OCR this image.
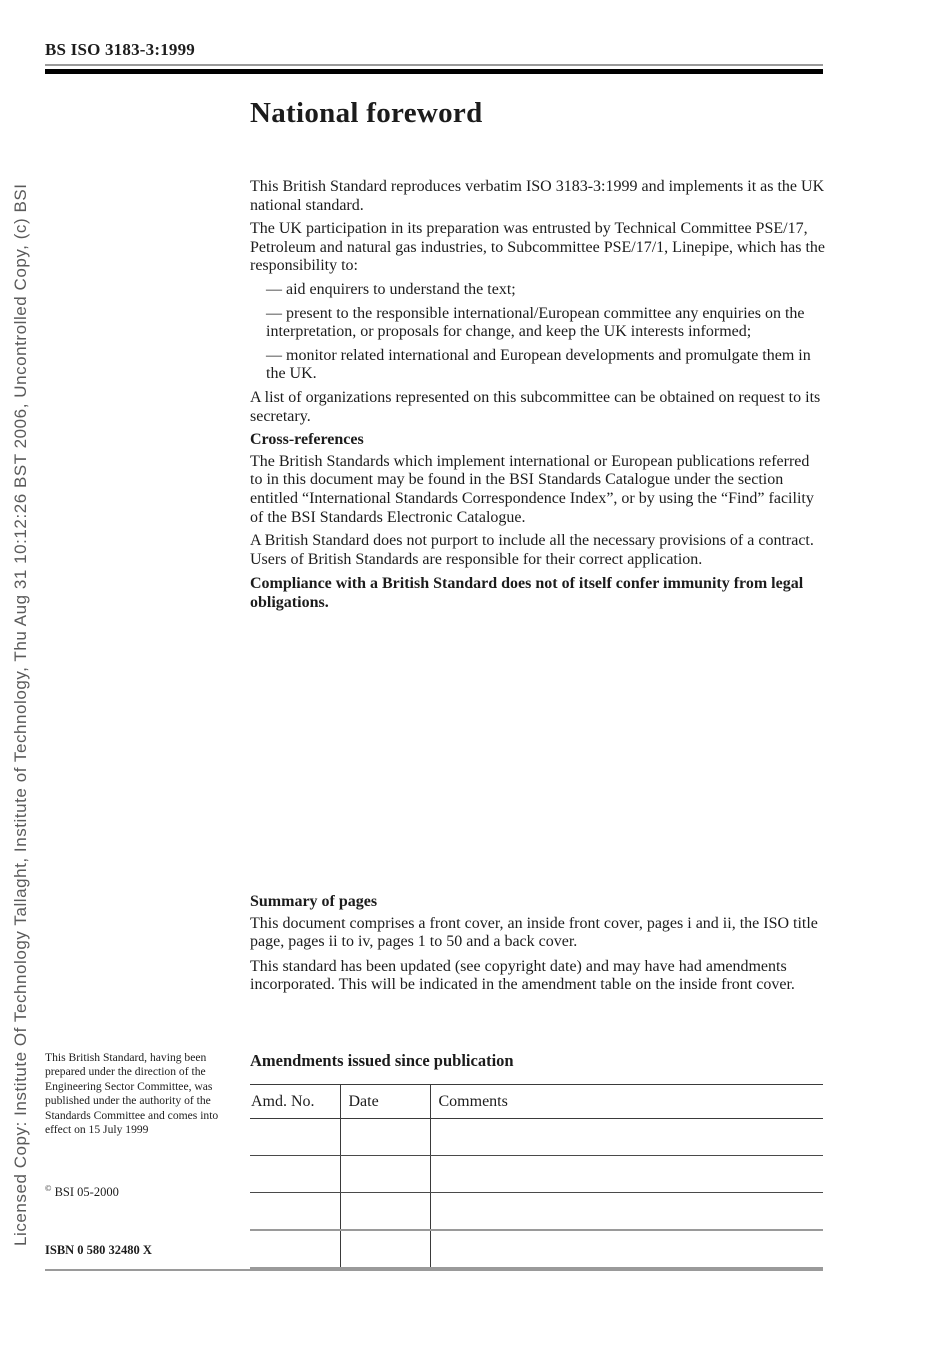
Licensed Copy: Institute Of Technology Tallaght, Institute of Technology, Thu Aug 31 10:12:26 BST 2006, Uncontrolled Copy, (c) BSI
BS ISO 3183-3:1999
National foreword

This British Standard reproduces verbatim ISO 3183-3:1999 and implements it as the UK national standard.

The UK participation in its preparation was entrusted by Technical Committee PSE/17, Petroleum and natural gas industries, to Subcommittee PSE/17/1, Linepipe, which has the responsibility to:

— aid enquirers to understand the text;
— present to the responsible international/European committee any enquiries on the interpretation, or proposals for change, and keep the UK interests informed;
— monitor related international and European developments and promulgate them in the UK.

A list of organizations represented on this subcommittee can be obtained on request to its secretary.

Cross-references

The British Standards which implement international or European publications referred to in this document may be found in the BSI Standards Catalogue under the section entitled “International Standards Correspondence Index”, or by using the “Find” facility of the BSI Standards Electronic Catalogue.

A British Standard does not purport to include all the necessary provisions of a contract. Users of British Standards are responsible for their correct application.

Compliance with a British Standard does not of itself confer immunity from legal obligations.

Summary of pages

This document comprises a front cover, an inside front cover, pages i and ii, the ISO title page, pages ii to iv, pages 1 to 50 and a back cover.

This standard has been updated (see copyright date) and may have had amendments incorporated. This will be indicated in the amendment table on the inside front cover.

This British Standard, having been prepared under the direction of the Engineering Sector Committee, was published under the authority of the Standards Committee and comes into effect on 15 July 1999
© BSI 05-2000
ISBN 0 580 32480 X
Amendments issued since publication
Amd. No.	Date	Comments
